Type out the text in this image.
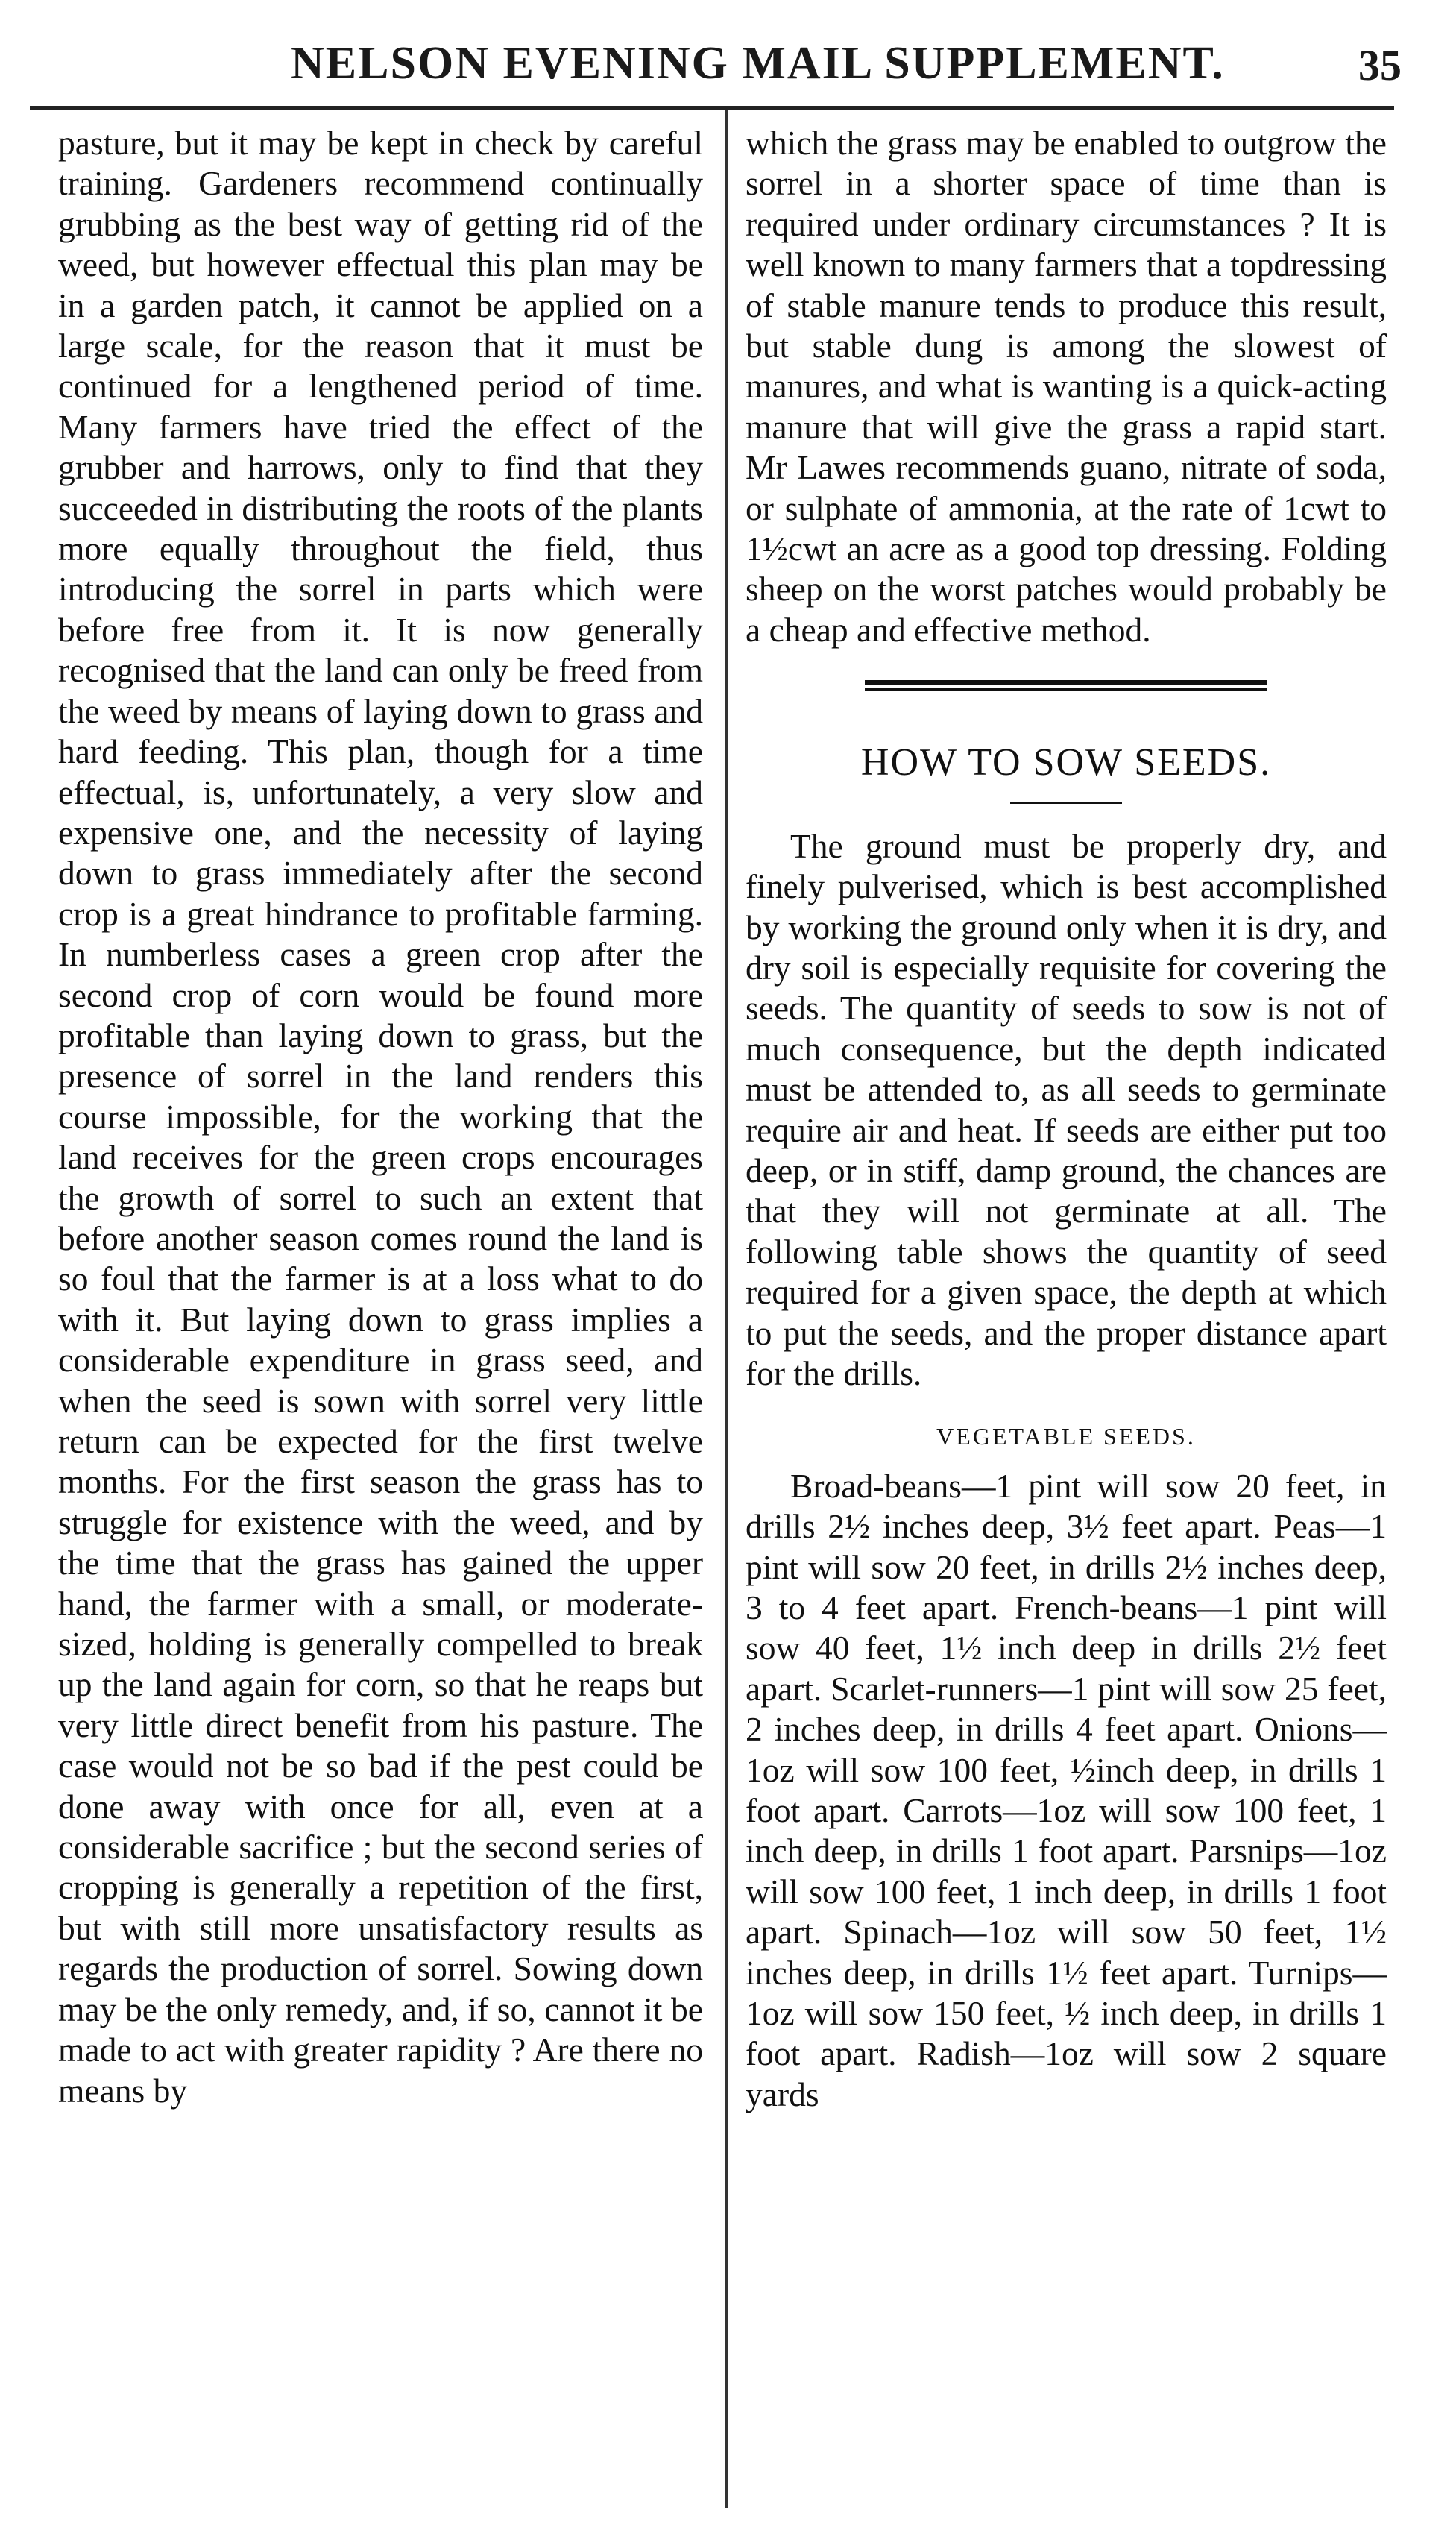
NELSON EVENING MAIL SUPPLEMENT.	35

pasture, but it may be kept in check by careful training. Gardeners recommend continually grubbing as the best way of getting rid of the weed, but however effectual this plan may be in a garden patch, it cannot be applied on a large scale, for the reason that it must be continued for a lengthened period of time. Many farmers have tried the effect of the grubber and harrows, only to find that they succeeded in distributing the roots of the plants more equally throughout the field, thus introducing the sorrel in parts which were before free from it. It is now generally recognised that the land can only be freed from the weed by means of laying down to grass and hard feeding. This plan, though for a time effectual, is, unfortunately, a very slow and expensive one, and the necessity of laying down to grass immediately after the second crop is a great hindrance to profitable farming. In numberless cases a green crop after the second crop of corn would be found more profitable than laying down to grass, but the presence of sorrel in the land renders this course impossible, for the working that the land receives for the green crops encourages the growth of sorrel to such an extent that before another season comes round the land is so foul that the farmer is at a loss what to do with it. But laying down to grass implies a considerable expenditure in grass seed, and when the seed is sown with sorrel very little return can be expected for the first twelve months. For the first season the grass has to struggle for existence with the weed, and by the time that the grass has gained the upper hand, the farmer with a small, or moderate-sized, holding is generally compelled to break up the land again for corn, so that he reaps but very little direct benefit from his pasture. The case would not be so bad if the pest could be done away with once for all, even at a considerable sacrifice ; but the second series of cropping is generally a repetition of the first, but with still more unsatisfactory results as regards the production of sorrel. Sowing down may be the only remedy, and, if so, cannot it be made to act with greater rapidity ? Are there no means by

which the grass may be enabled to outgrow the sorrel in a shorter space of time than is required under ordinary circumstances ? It is well known to many farmers that a topdressing of stable manure tends to produce this result, but stable dung is among the slowest of manures, and what is wanting is a quick-acting manure that will give the grass a rapid start. Mr Lawes recommends guano, nitrate of soda, or sulphate of ammonia, at the rate of 1cwt to 1½cwt an acre as a good top dressing. Folding sheep on the worst patches would probably be a cheap and effective method.

HOW TO SOW SEEDS.

The ground must be properly dry, and finely pulverised, which is best accomplished by working the ground only when it is dry, and dry soil is especially requisite for covering the seeds. The quantity of seeds to sow is not of much consequence, but the depth indicated must be attended to, as all seeds to germinate require air and heat. If seeds are either put too deep, or in stiff, damp ground, the chances are that they will not germinate at all. The following table shows the quantity of seed required for a given space, the depth at which to put the seeds, and the proper distance apart for the drills.

VEGETABLE SEEDS.

Broad-beans—1 pint will sow 20 feet, in drills 2½ inches deep, 3½ feet apart. Peas—1 pint will sow 20 feet, in drills 2½ inches deep, 3 to 4 feet apart. French-beans—1 pint will sow 40 feet, 1½ inch deep in drills 2½ feet apart. Scarlet-runners—1 pint will sow 25 feet, 2 inches deep, in drills 4 feet apart. Onions—1oz will sow 100 feet, ½inch deep, in drills 1 foot apart. Carrots—1oz will sow 100 feet, 1 inch deep, in drills 1 foot apart. Parsnips—1oz will sow 100 feet, 1 inch deep, in drills 1 foot apart. Spinach—1oz will sow 50 feet, 1½ inches deep, in drills 1½ feet apart. Turnips—1oz will sow 150 feet, ½ inch deep, in drills 1 foot apart. Radish—1oz will sow 2 square yards
